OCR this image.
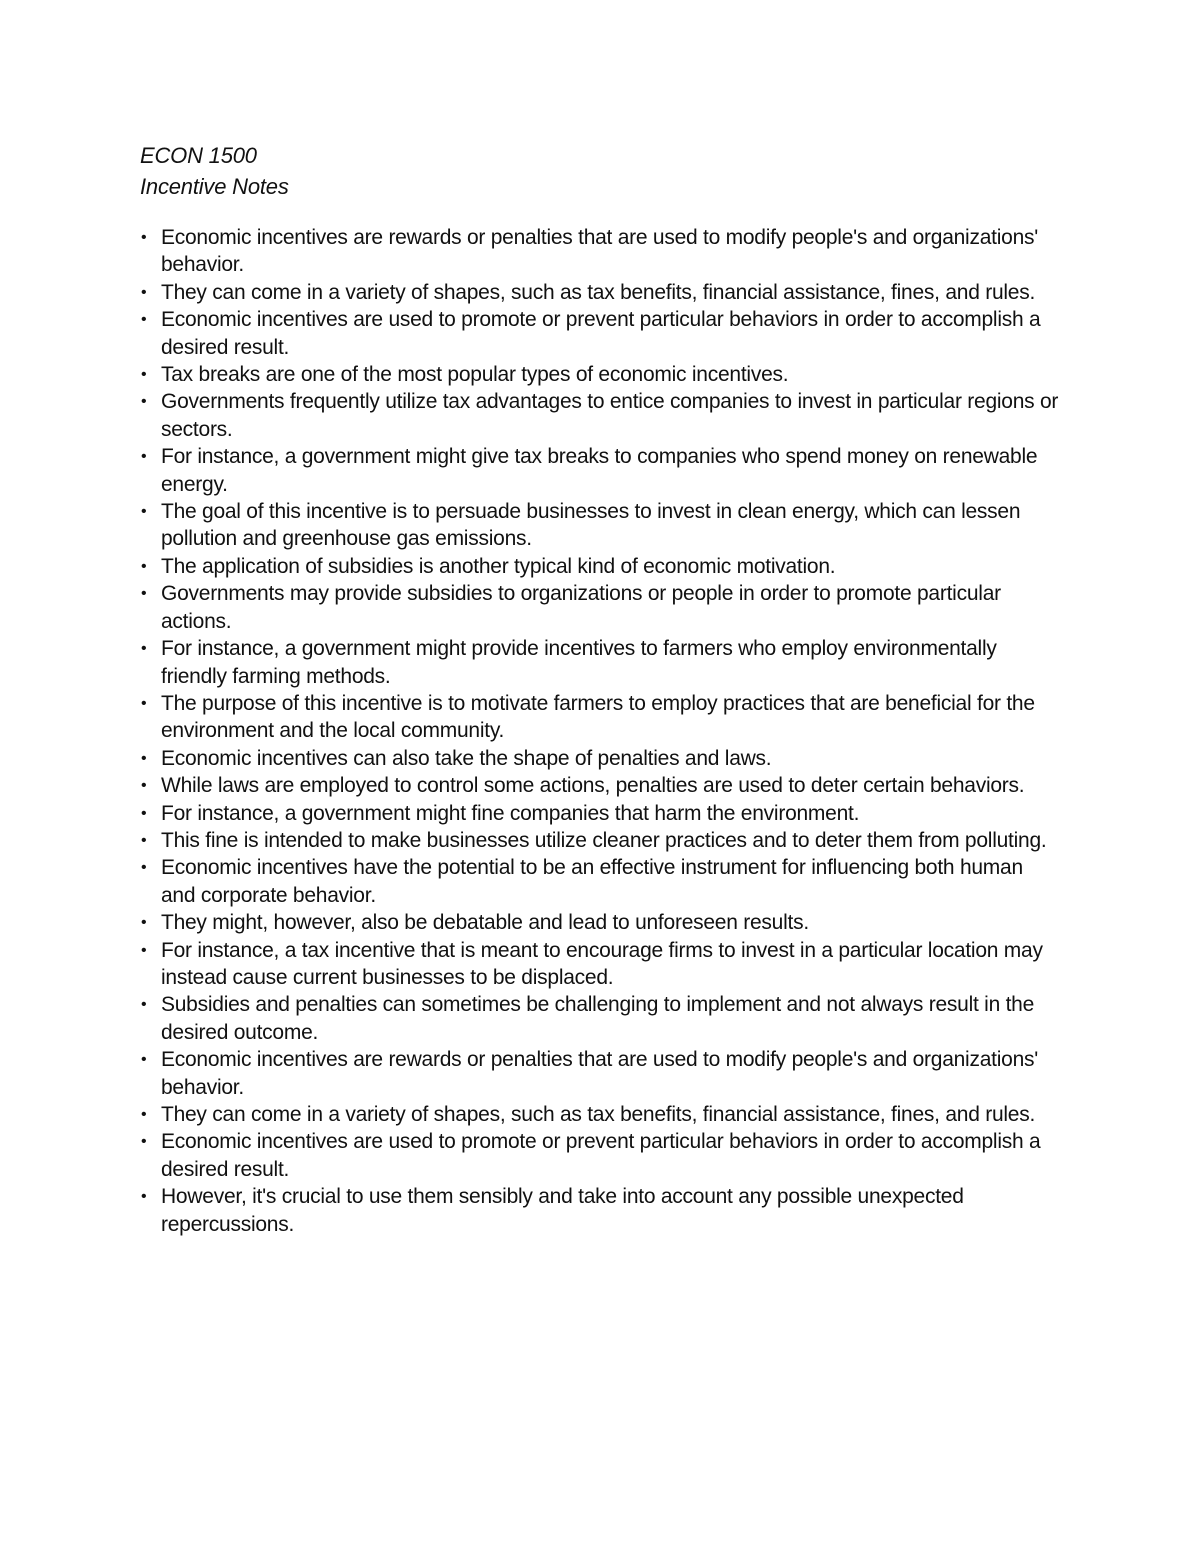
ECON 1500
Incentive Notes
• Economic incentives are rewards or penalties that are used to modify people's and organizations' behavior.
• They can come in a variety of shapes, such as tax benefits, financial assistance, fines, and rules.
• Economic incentives are used to promote or prevent particular behaviors in order to accomplish a desired result.
• Tax breaks are one of the most popular types of economic incentives.
• Governments frequently utilize tax advantages to entice companies to invest in particular regions or sectors.
• For instance, a government might give tax breaks to companies who spend money on renewable energy.
• The goal of this incentive is to persuade businesses to invest in clean energy, which can lessen pollution and greenhouse gas emissions.
• The application of subsidies is another typical kind of economic motivation.
• Governments may provide subsidies to organizations or people in order to promote particular actions.
• For instance, a government might provide incentives to farmers who employ environmentally friendly farming methods.
• The purpose of this incentive is to motivate farmers to employ practices that are beneficial for the environment and the local community.
• Economic incentives can also take the shape of penalties and laws.
• While laws are employed to control some actions, penalties are used to deter certain behaviors.
• For instance, a government might fine companies that harm the environment.
• This fine is intended to make businesses utilize cleaner practices and to deter them from polluting.
• Economic incentives have the potential to be an effective instrument for influencing both human and corporate behavior.
• They might, however, also be debatable and lead to unforeseen results.
• For instance, a tax incentive that is meant to encourage firms to invest in a particular location may instead cause current businesses to be displaced.
• Subsidies and penalties can sometimes be challenging to implement and not always result in the desired outcome.
• Economic incentives are rewards or penalties that are used to modify people's and organizations' behavior.
• They can come in a variety of shapes, such as tax benefits, financial assistance, fines, and rules.
• Economic incentives are used to promote or prevent particular behaviors in order to accomplish a desired result.
• However, it's crucial to use them sensibly and take into account any possible unexpected repercussions.
